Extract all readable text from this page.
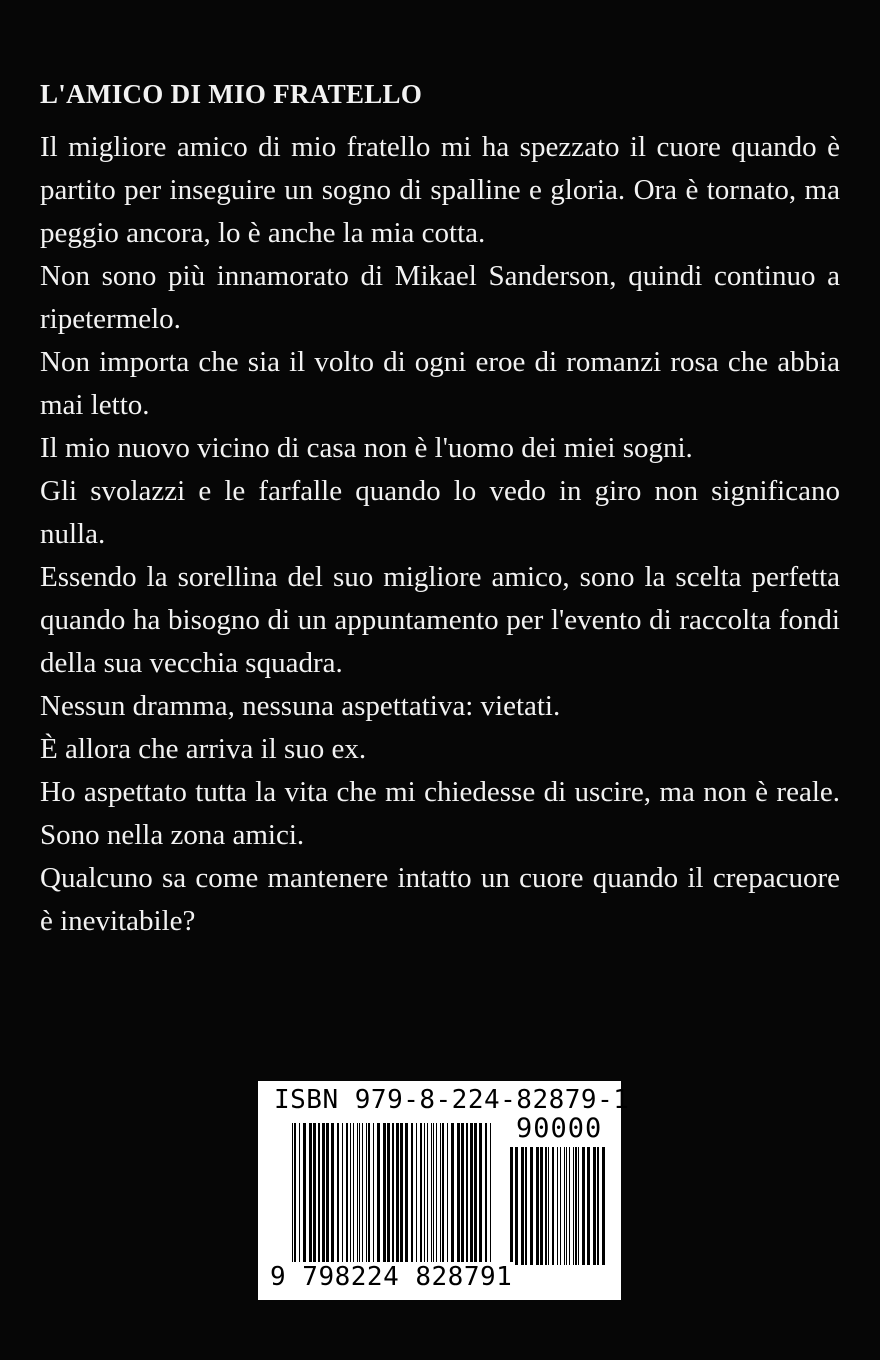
L'AMICO DI MIO FRATELLO

Il migliore amico di mio fratello mi ha spezzato il cuore quando è partito per inseguire un sogno di spalline e gloria. Ora è tornato, ma peggio ancora, lo è anche la mia cotta.

Non sono più innamorato di Mikael Sanderson, quindi continuo a ripetermelo.

Non importa che sia il volto di ogni eroe di romanzi rosa che abbia mai letto.

Il mio nuovo vicino di casa non è l'uomo dei miei sogni.

Gli svolazzi e le farfalle quando lo vedo in giro non significano nulla.

Essendo la sorellina del suo migliore amico, sono la scelta perfetta quando ha bisogno di un appuntamento per l'evento di raccolta fondi della sua vecchia squadra.

Nessun dramma, nessuna aspettativa: vietati.

È allora che arriva il suo ex.

Ho aspettato tutta la vita che mi chiedesse di uscire, ma non è reale. Sono nella zona amici.

Qualcuno sa come mantenere intatto un cuore quando il crepacuore è inevitabile?

ISBN 979-8-224-82879-1
90000
9 798224 828791
